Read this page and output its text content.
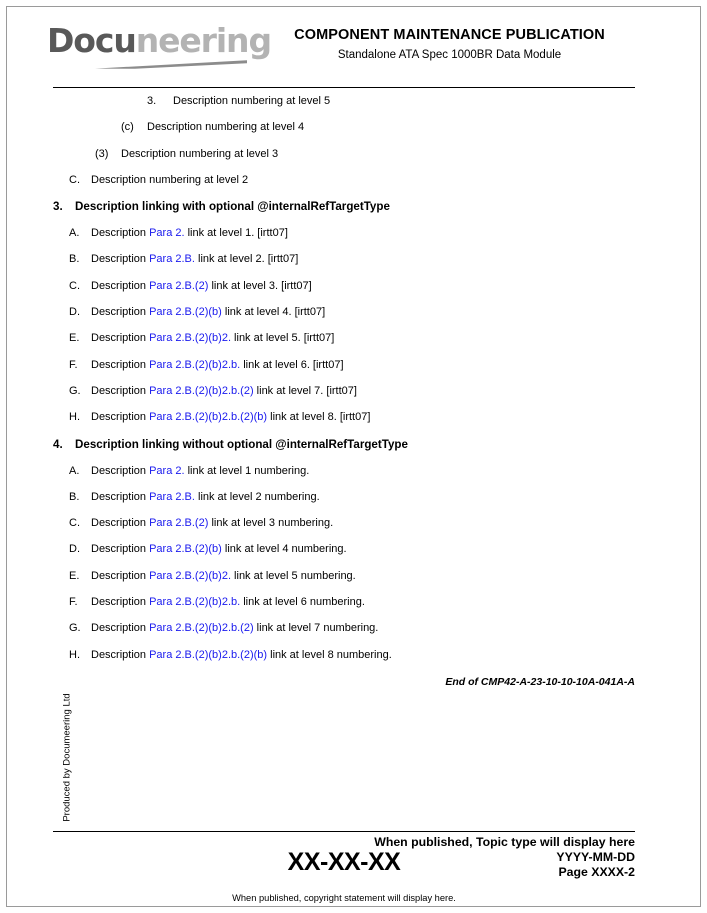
Docuneering	COMPONENT MAINTENANCE PUBLICATION
Standalone ATA Spec 1000BR Data Module
3.	Description numbering at level 5
(c)	Description numbering at level 4
(3)	Description numbering at level 3
C.	Description numbering at level 2
3.	Description linking with optional @internalRefTargetType
A.	Description Para 2. link at level 1. [irtt07]
B.	Description Para 2.B. link at level 2. [irtt07]
C.	Description Para 2.B.(2) link at level 3. [irtt07]
D.	Description Para 2.B.(2)(b) link at level 4. [irtt07]
E.	Description Para 2.B.(2)(b)2. link at level 5. [irtt07]
F.	Description Para 2.B.(2)(b)2.b. link at level 6. [irtt07]
G. Description Para 2.B.(2)(b)2.b.(2) link at level 7. [irtt07]
H.	Description Para 2.B.(2)(b)2.b.(2)(b) link at level 8. [irtt07]
4.	Description linking without optional @internalRefTargetType
A.	Description Para 2. link at level 1 numbering.
B.	Description Para 2.B. link at level 2 numbering.
C.	Description Para 2.B.(2) link at level 3 numbering.
D.	Description Para 2.B.(2)(b) link at level 4 numbering.
E.	Description Para 2.B.(2)(b)2. link at level 5 numbering.
F.	Description Para 2.B.(2)(b)2.b. link at level 6 numbering.
G. Description Para 2.B.(2)(b)2.b.(2) link at level 7 numbering.
H.	Description Para 2.B.(2)(b)2.b.(2)(b) link at level 8 numbering.
End of CMP42-A-23-10-10-10A-041A-A
Produced by Documeering Ltd
When published, Topic type will display here
YYYY-MM-DD
Page XXXX-2
XX-XX-XX
When published, copyright statement will display here.
